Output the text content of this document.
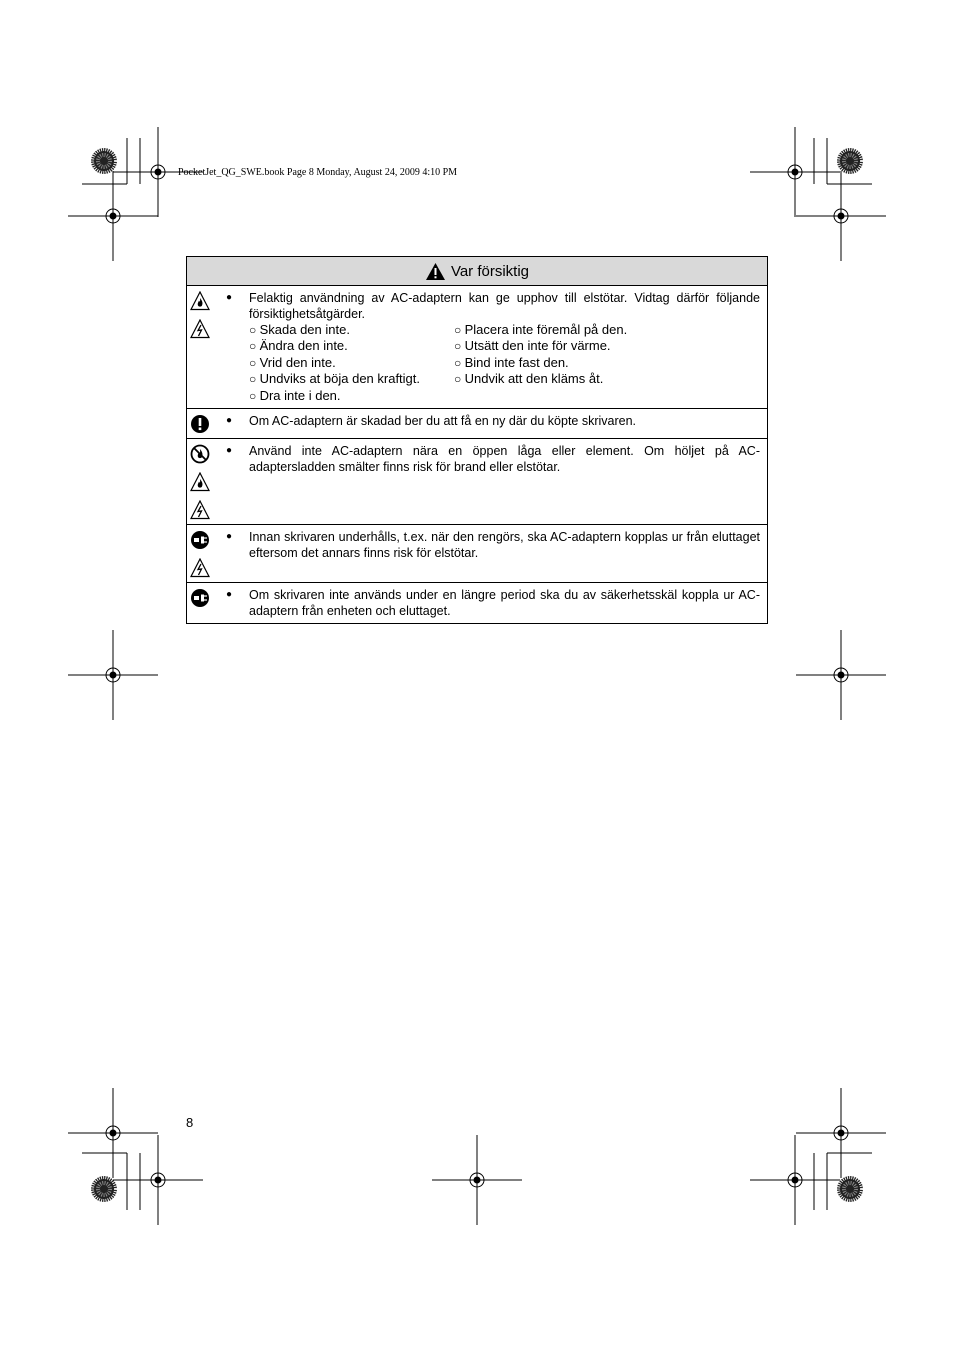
PocketJet_QG_SWE.book Page 8 Monday, August 24, 2009 4:10 PM
Var försiktig
●	Felaktig användning av AC-adaptern kan ge upphov till elstötar. Vidtag därför följande försiktighetsåtgärder.
○ Skada den inte.	○ Placera inte föremål på den.
○ Ändra den inte.	○ Utsätt den inte för värme.
○ Vrid den inte.	○ Bind inte fast den.
○ Undviks at böja den kraftigt.	○ Undvik att den kläms åt.
○ Dra inte i den.
●	Om AC-adaptern är skadad ber du att få en ny där du köpte skrivaren.
●	Använd inte AC-adaptern nära en öppen låga eller element. Om höljet på AC-adaptersladden smälter finns risk för brand eller elstötar.
●	Innan skrivaren underhålls, t.ex. när den rengörs, ska AC-adaptern kopplas ur från eluttaget eftersom det annars finns risk för elstötar.
●	Om skrivaren inte används under en längre period ska du av säkerhetsskäl koppla ur AC-adaptern från enheten och eluttaget.
8
